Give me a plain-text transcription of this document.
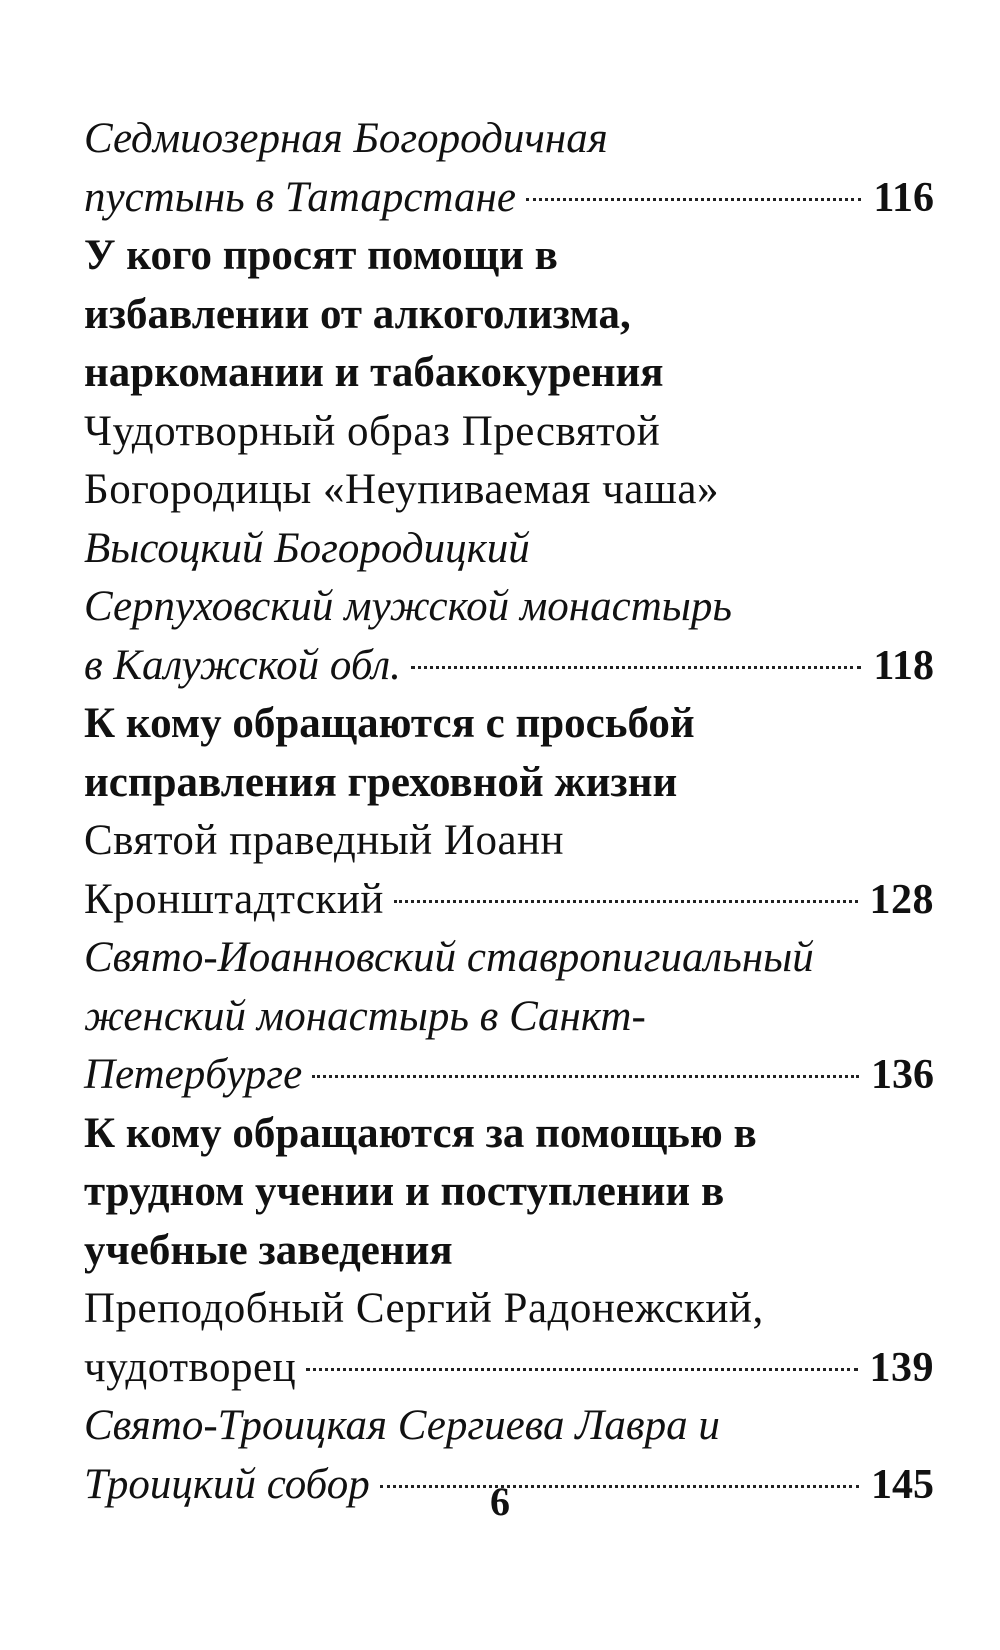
Седмиозерная Богородичная
пустынь в Татарстане	116
У кого просят помощи в
избавлении от алкоголизма,
наркомании и табакокурения
Чудотворный образ Пресвятой
Богородицы «Неупиваемая чаша»
Высоцкий Богородицкий
Серпуховский мужской монастырь
в Калужской обл.	118
К кому обращаются с просьбой
исправления греховной жизни
Святой праведный Иоанн
Кронштадтский	128
Свято-Иоанновский ставропигиальный
женский монастырь в Санкт-
Петербурге	136
К кому обращаются за помощью в
трудном учении и поступлении в
учебные заведения
Преподобный Сергий Радонежский,
чудотворец	139
Свято-Троицкая Сергиева Лавра и
Троицкий собор	145
6
